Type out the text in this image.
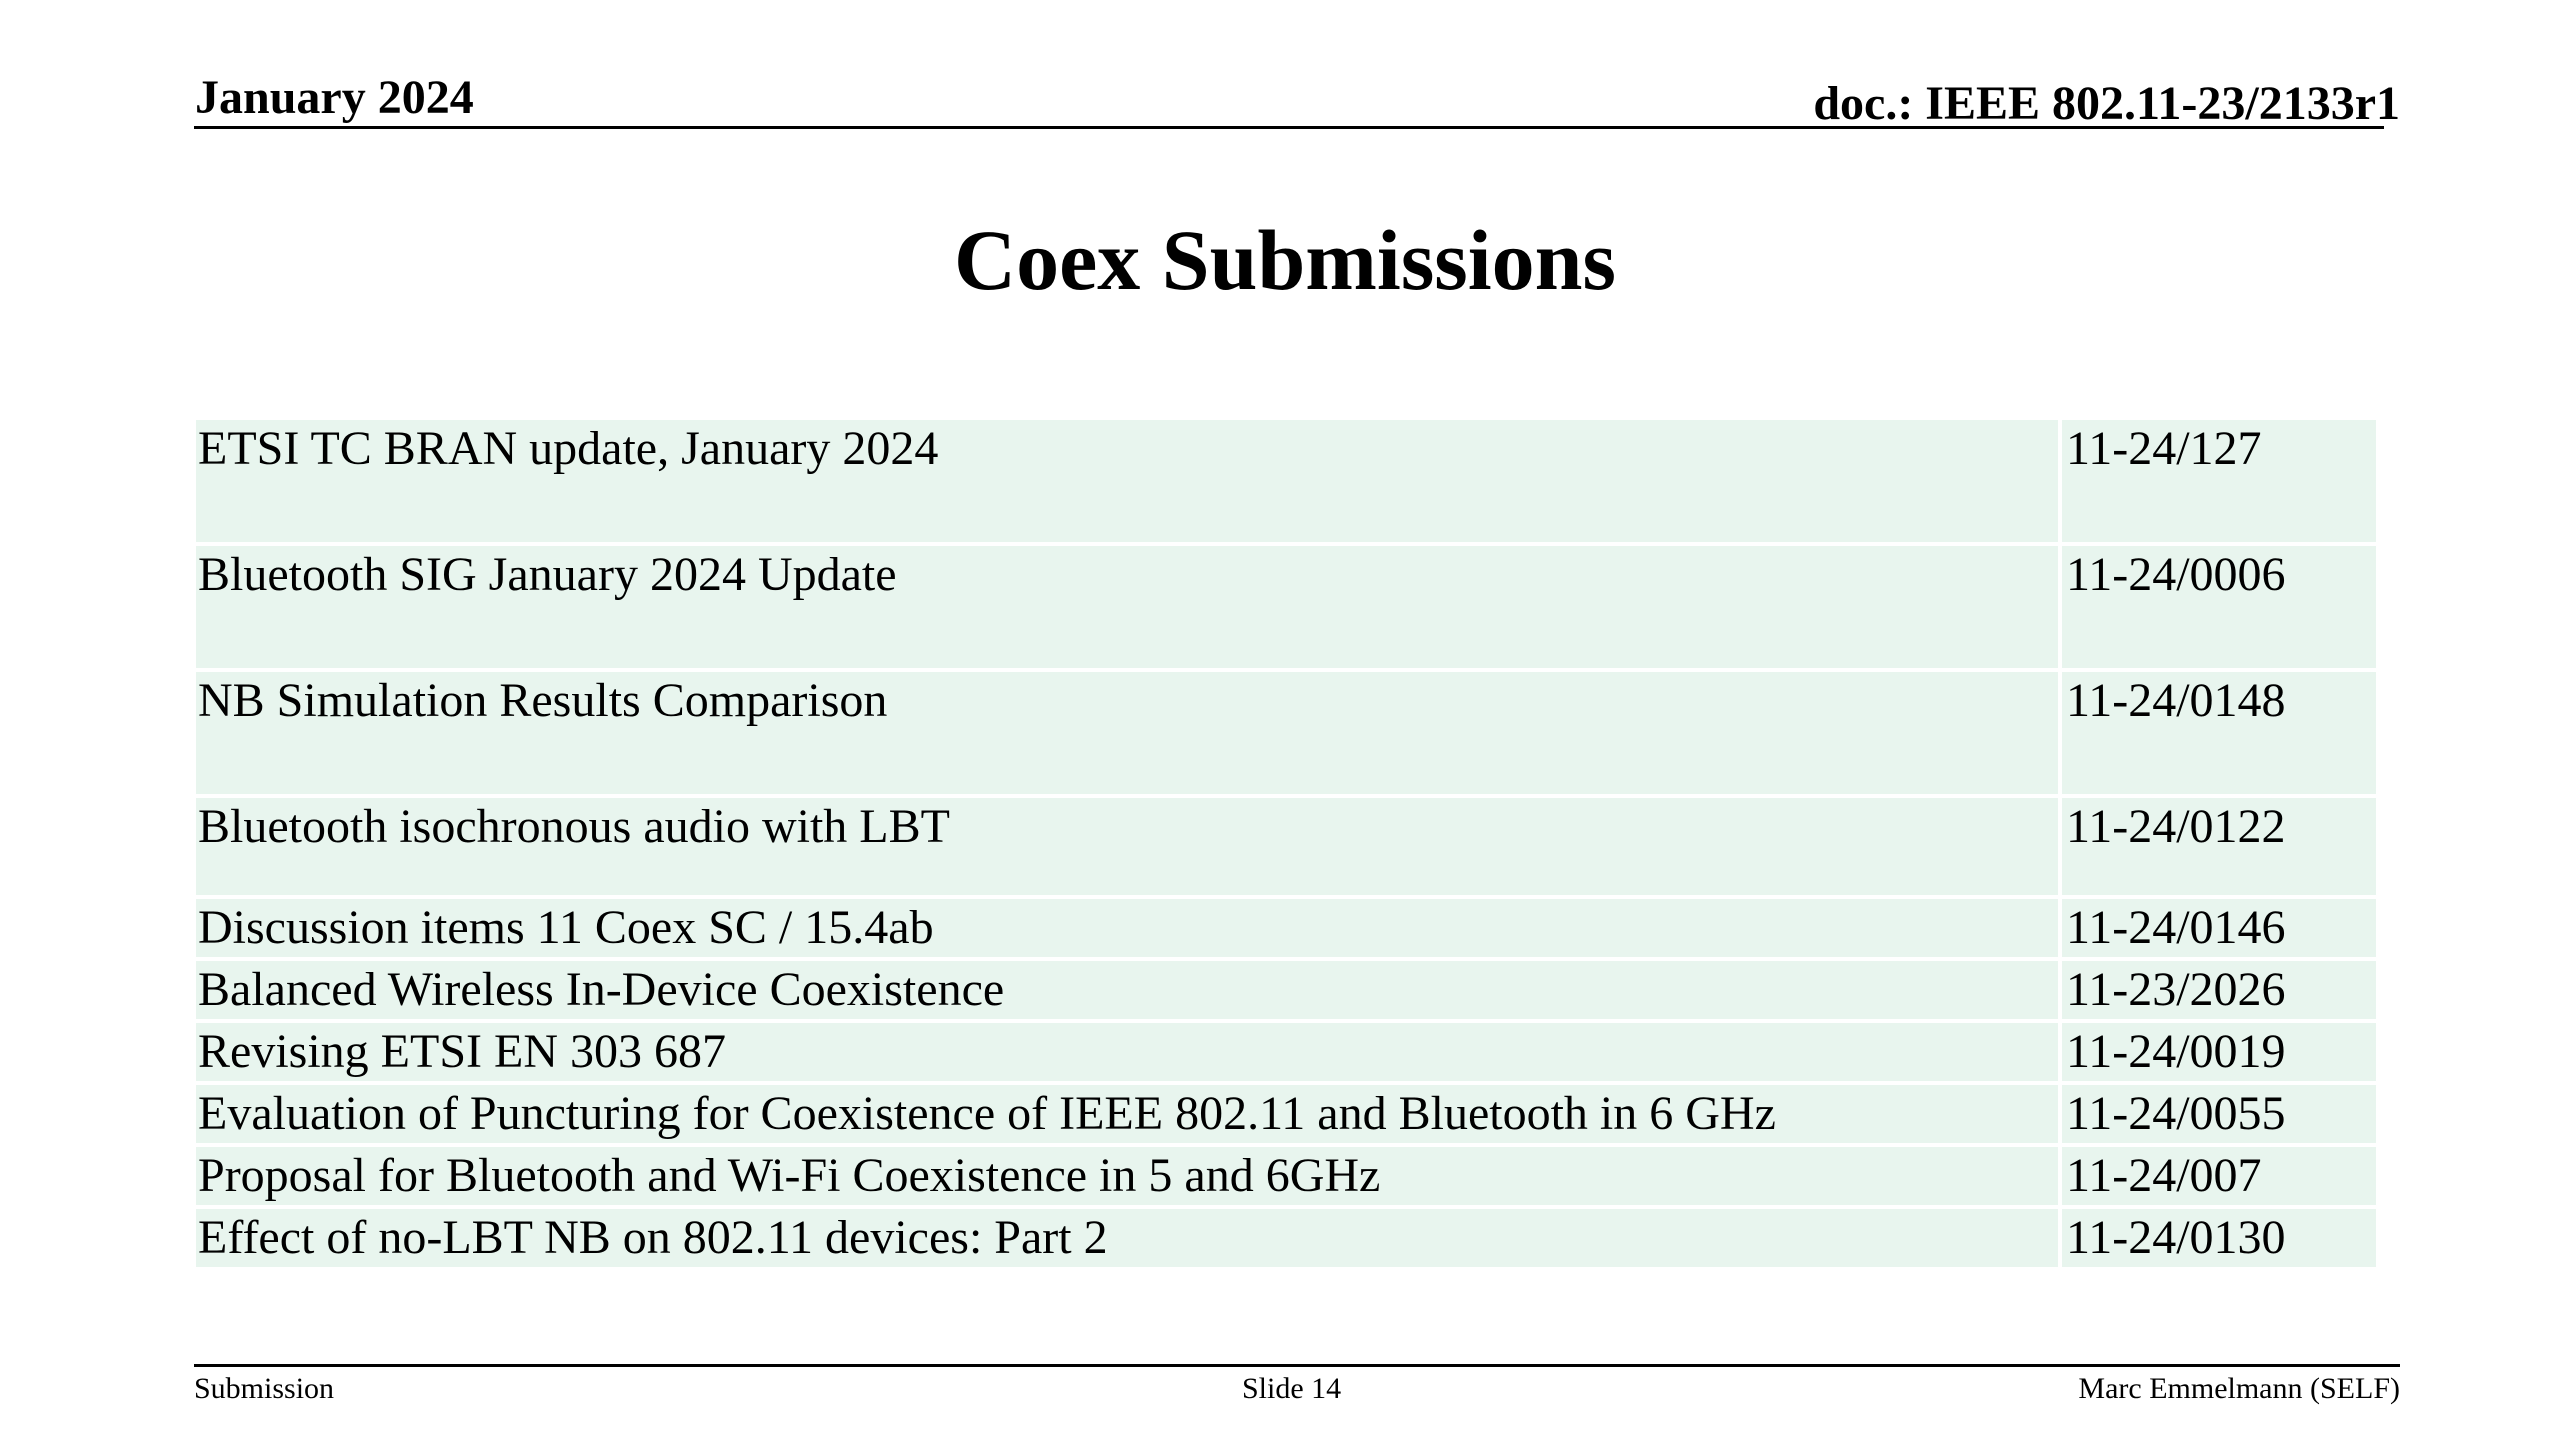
January 2024	doc.: IEEE 802.11-23/2133r1
Coex Submissions
ETSI TC BRAN update, January 2024	11-24/127
Bluetooth SIG January 2024 Update	11-24/0006
NB Simulation Results Comparison	11-24/0148
Bluetooth isochronous audio with LBT	11-24/0122
Discussion items 11 Coex SC / 15.4ab	11-24/0146
Balanced Wireless In-Device Coexistence	11-23/2026
Revising ETSI EN 303 687	11-24/0019
Evaluation of Puncturing for Coexistence of IEEE 802.11 and Bluetooth in 6 GHz	11-24/0055
Proposal for Bluetooth and Wi-Fi Coexistence in 5 and 6GHz	11-24/007
Effect of no-LBT NB on 802.11 devices: Part 2	11-24/0130
Submission	Slide 14	Marc Emmelmann (SELF)
